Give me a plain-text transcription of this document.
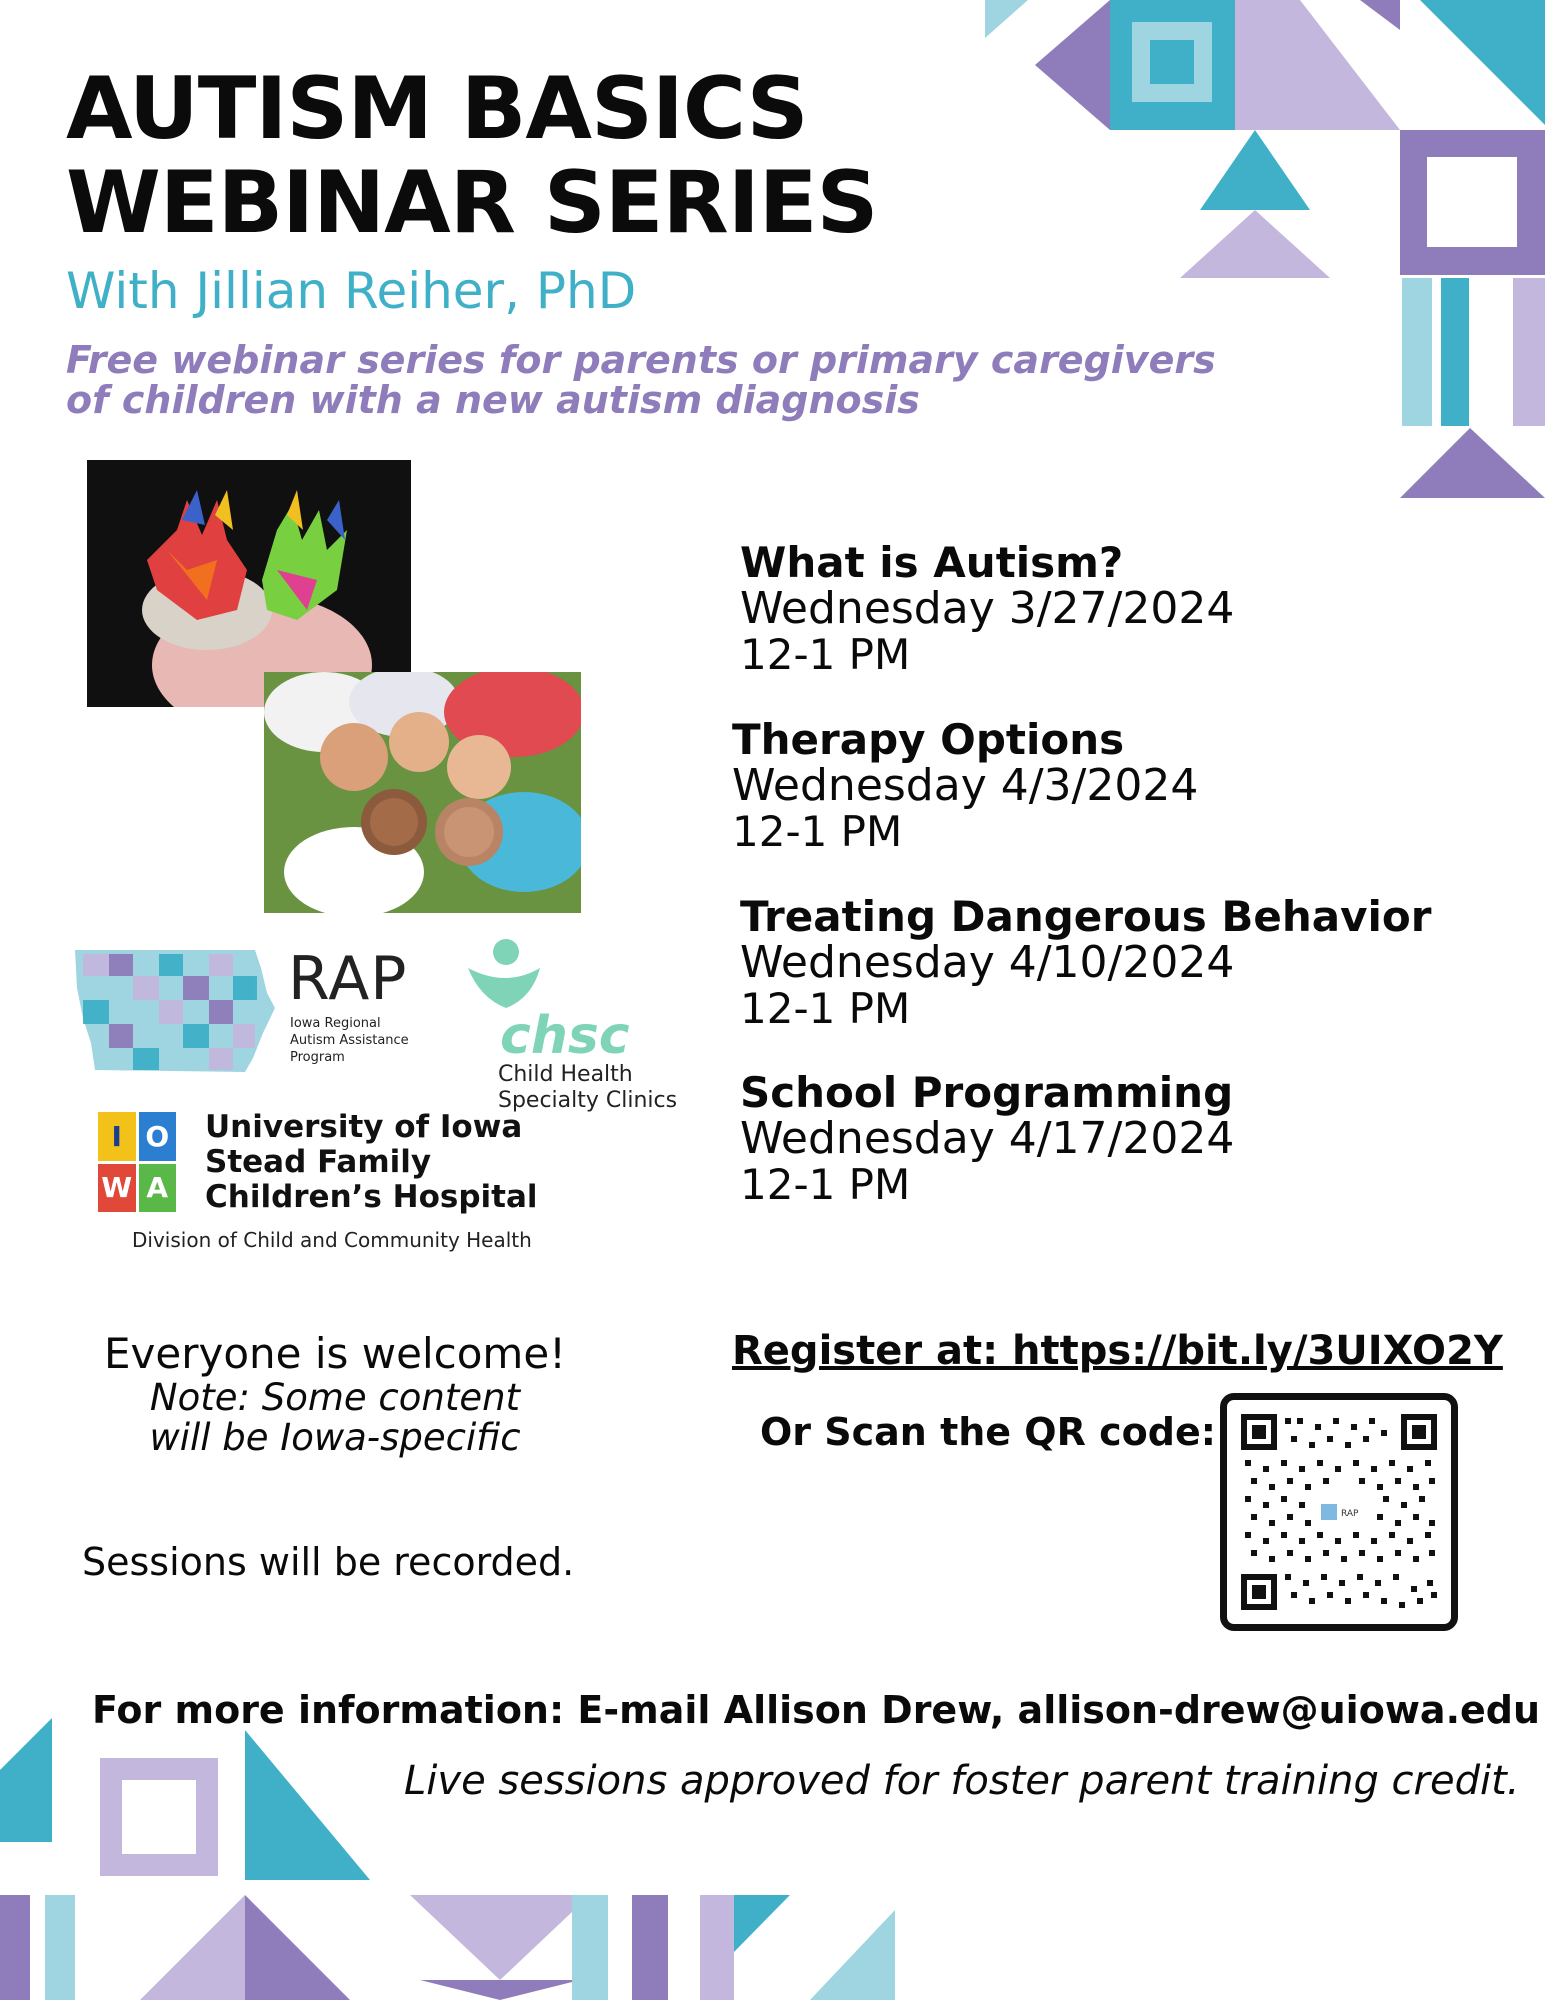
AUTISM BASICS
WEBINAR SERIES
With Jillian Reiher, PhD
Free webinar series for parents or primary caregivers
of children with a new autism diagnosis
RAP
Iowa Regional
Autism Assistance
Program	chsc
Child Health
Specialty Clinics
I O
W A
University of Iowa
Stead Family
Children’s Hospital
Division of Child and Community Health
What is Autism?
Wednesday 3/27/2024
12-1 PM
Therapy Options
Wednesday 4/3/2024
12-1 PM
Treating Dangerous Behavior
Wednesday 4/10/2024
12-1 PM
School Programming
Wednesday 4/17/2024
12-1 PM
Everyone is welcome!
Note: Some content
will be Iowa-specific
Sessions will be recorded.
Register at: https://bit.ly/3UIXO2Y
Or Scan the QR code:
RAP
For more information: E-mail Allison Drew, allison-drew@uiowa.edu
Live sessions approved for foster parent training credit.
